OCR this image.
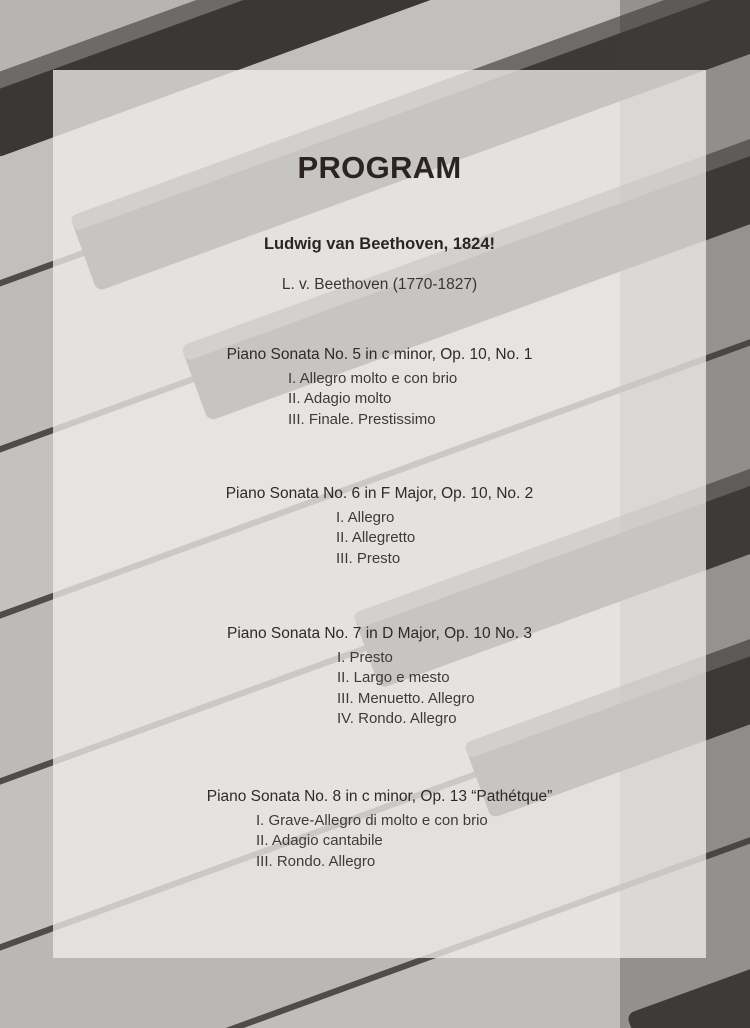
PROGRAM
Ludwig van Beethoven, 1824!
L. v. Beethoven (1770-1827)
Piano Sonata No. 5 in c minor, Op. 10, No. 1
I. Allegro molto e con brio
II. Adagio molto
III. Finale. Prestissimo
Piano Sonata No. 6 in F Major, Op. 10, No. 2
I. Allegro
II. Allegretto
III. Presto
Piano Sonata No. 7 in D Major, Op. 10 No. 3
I. Presto
II. Largo e mesto
III. Menuetto. Allegro
IV. Rondo. Allegro
Piano Sonata No. 8 in c minor, Op. 13 “Pathétque”
I. Grave-Allegro di molto e con brio
II. Adagio cantabile
III. Rondo. Allegro
